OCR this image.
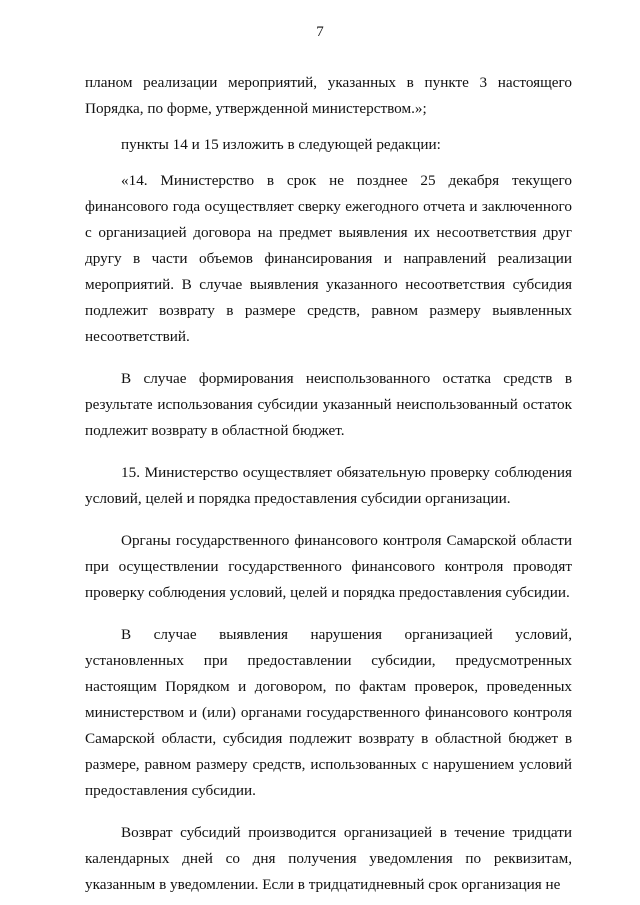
7

планом реализации мероприятий, указанных в пункте 3 настоящего Порядка, по форме, утвержденной министерством.»;

пункты 14 и 15 изложить в следующей редакции:

«14. Министерство в срок не позднее 25 декабря текущего финансового года осуществляет сверку ежегодного отчета и заключенного с организацией договора на предмет выявления их несоответствия друг другу в части объемов финансирования и направлений реализации мероприятий. В случае выявления указанного несоответствия субсидия подлежит возврату в размере средств, равном размеру выявленных несоответствий.

В случае формирования неиспользованного остатка средств в результате использования субсидии указанный неиспользованный остаток подлежит возврату в областной бюджет.

15. Министерство осуществляет обязательную проверку соблюдения условий, целей и порядка предоставления субсидии организации.

Органы государственного финансового контроля Самарской области при осуществлении государственного финансового контроля проводят проверку соблюдения условий, целей и порядка предоставления субсидии.

В случае выявления нарушения организацией условий, установленных при предоставлении субсидии, предусмотренных настоящим Порядком и договором, по фактам проверок, проведенных министерством и (или) органами государственного финансового контроля Самарской области, субсидия подлежит возврату в областной бюджет в размере, равном размеру средств, использованных с нарушением условий предоставления субсидии.

Возврат субсидий производится организацией в течение тридцати календарных дней со дня получения уведомления по реквизитам, указанным в уведомлении. Если в тридцатидневный срок организация не
